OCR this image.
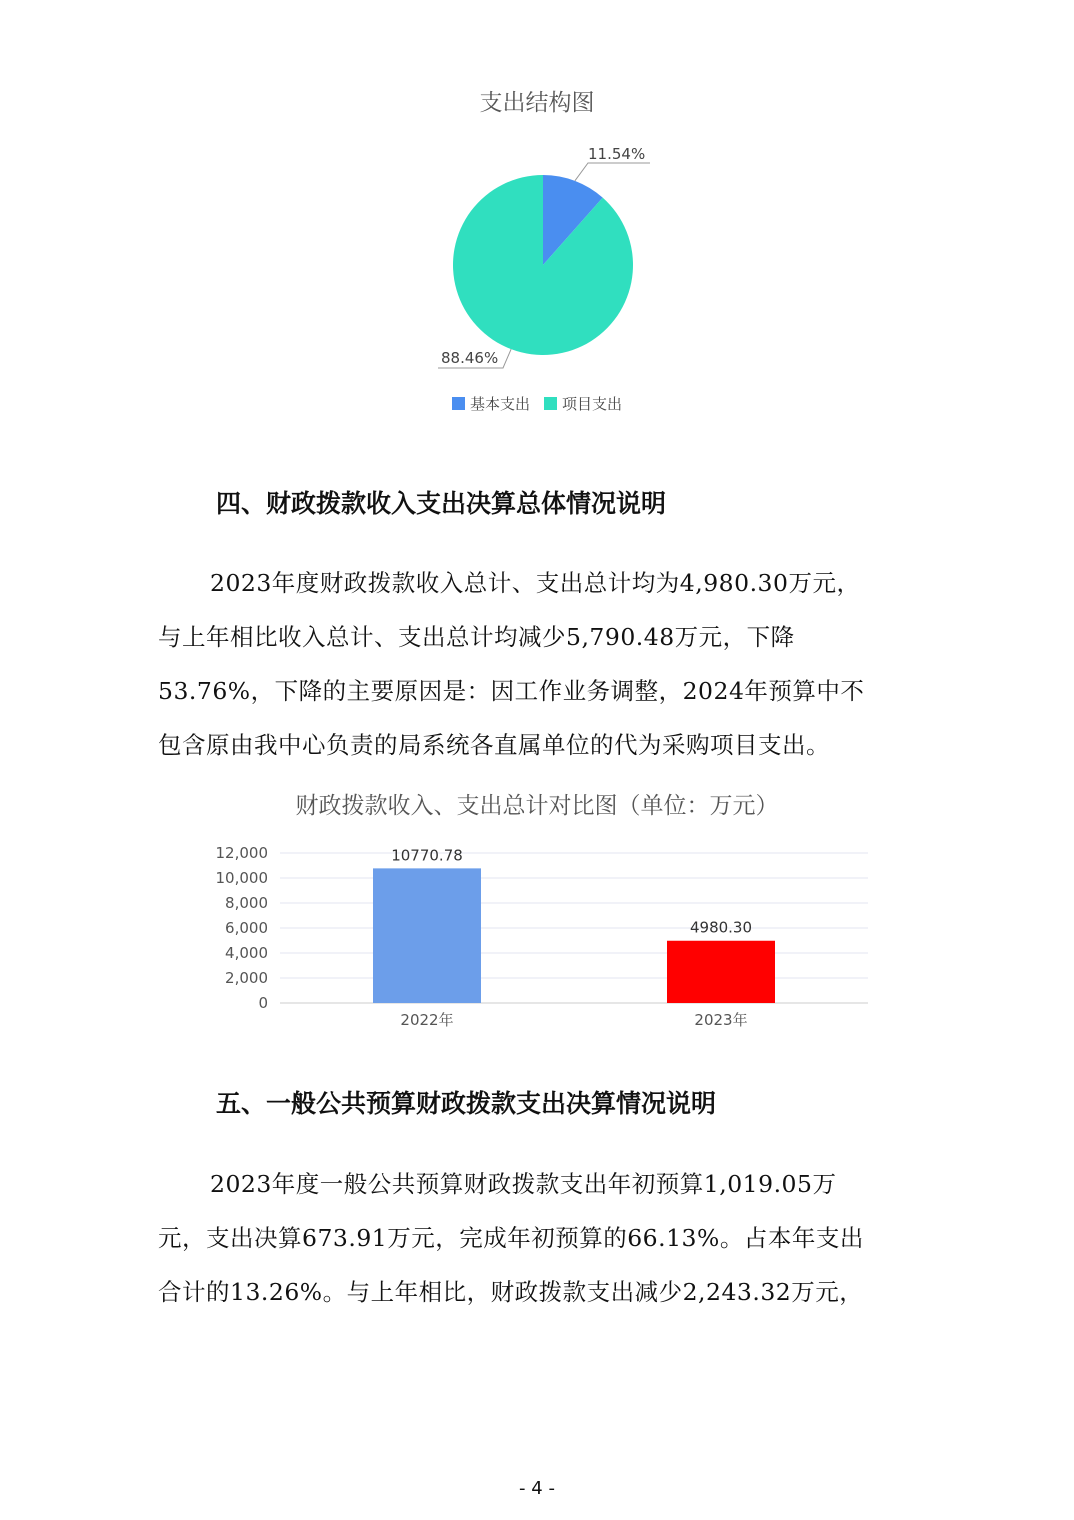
支出结构图
11.54%
88.46%
基本支出 项目支出
四、财政拨款收入支出决算总体情况说明

2023年度财政拨款收入总计、支出总计均为4,980.30万元，

与上年相比收入总计、支出总计均减少5,790.48万元，下降

53.76%，下降的主要原因是：因工作业务调整，2024年预算中不

包含原由我中心负责的局系统各直属单位的代为采购项目支出。

财政拨款收入、支出总计对比图（单位：万元）
12,000
10,000
8,000
6,000
4,000
2,000
0
10770.78
4980.30
2022年	2023年
五、一般公共预算财政拨款支出决算情况说明

2023年度一般公共预算财政拨款支出年初预算1,019.05万

元，支出决算673.91万元，完成年初预算的66.13%。占本年支出

合计的13.26%。与上年相比，财政拨款支出减少2,243.32万元，

- 4 -
